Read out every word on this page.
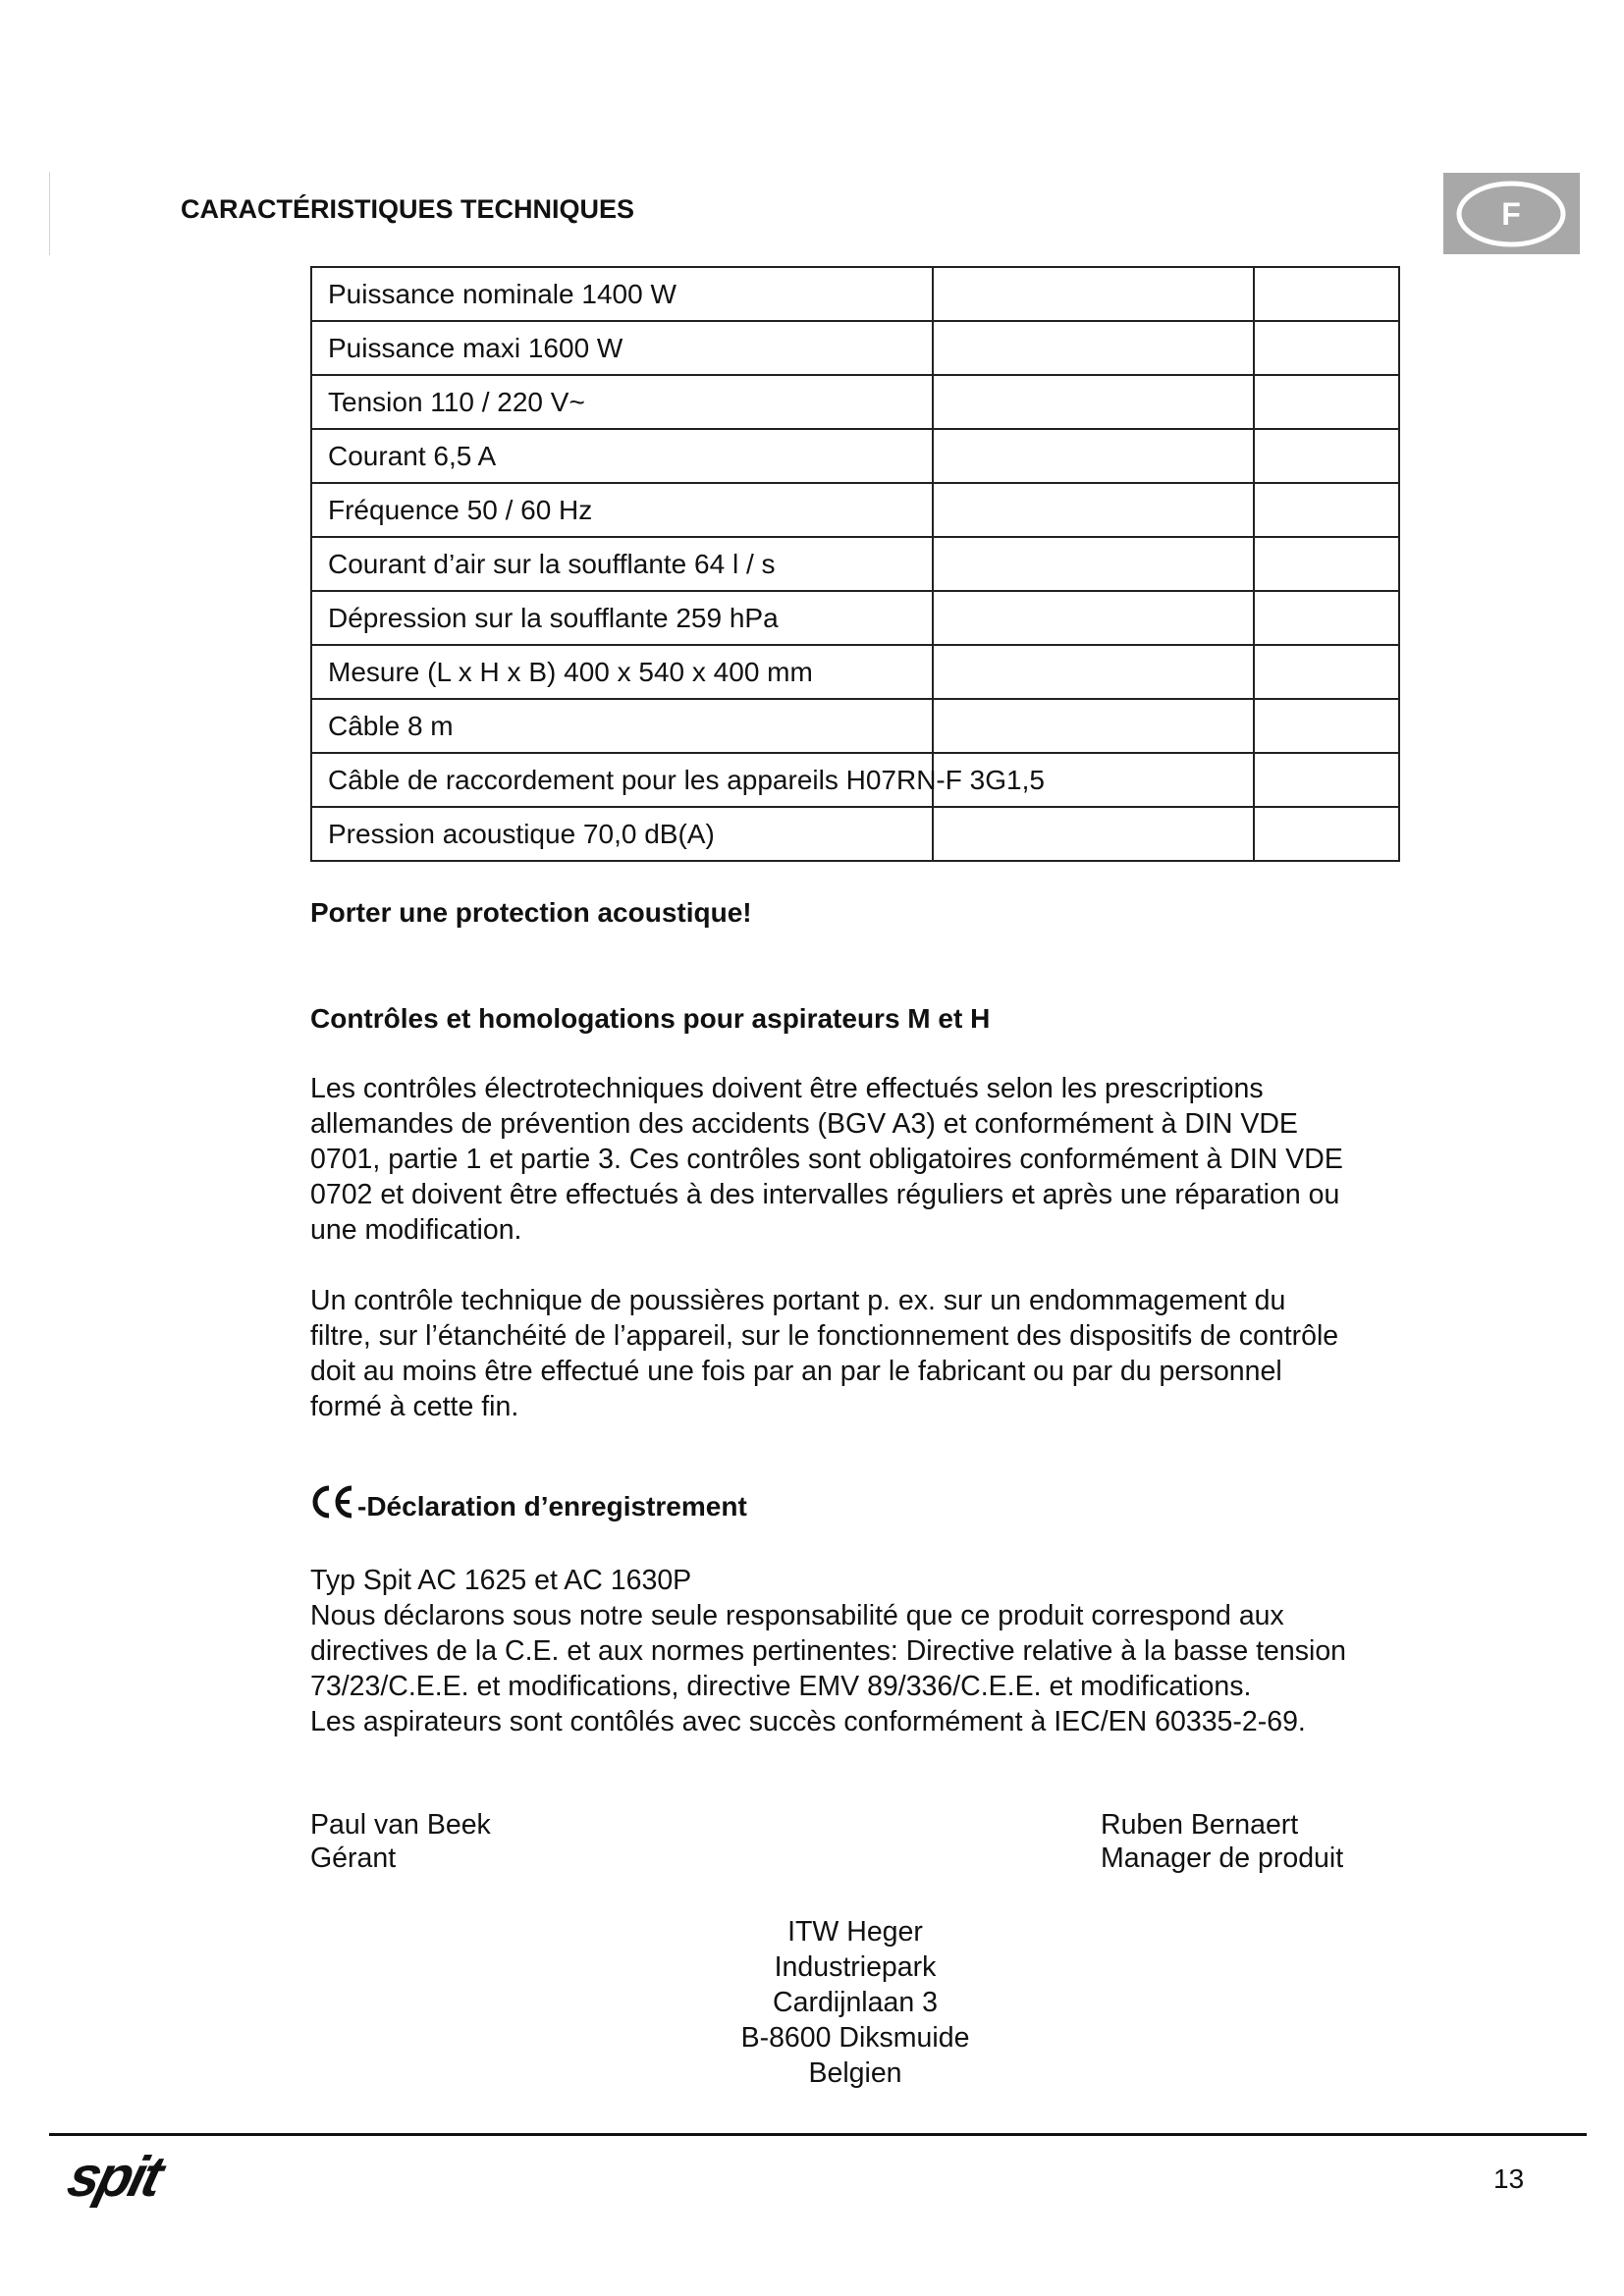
CARACTÉRISTIQUES TECHNIQUES	F
Puissance nominale 1400 W		
Puissance maxi 1600 W		
Tension 110 / 220 V~		
Courant 6,5 A		
Fréquence 50 / 60 Hz		
Courant d’air sur la soufflante 64 l / s		
Dépression sur la soufflante 259 hPa		
Mesure (L x H x B) 400 x 540 x 400 mm		
Câble 8 m		
Câble de raccordement pour les appareils H07RN-F 3G1,5		
Pression acoustique 70,0 dB(A)		

Porter une protection acoustique!

Contrôles et homologations pour aspirateurs M et H

Les contrôles électrotechniques doivent être effectués selon les prescriptions
allemandes de prévention des accidents (BGV A3) et conformément à DIN VDE
0701, partie 1 et partie 3. Ces contrôles sont obligatoires conformément à DIN VDE
0702 et doivent être effectués à des intervalles réguliers et après une réparation ou
une modification.

Un contrôle technique de poussières portant p. ex. sur un endommagement du
filtre, sur l’étanchéité de l’appareil, sur le fonctionnement des dispositifs de contrôle
doit au moins être effectué une fois par an par le fabricant ou par du personnel
formé à cette fin.

-Déclaration d’enregistrement

Typ Spit AC 1625 et AC 1630P
Nous déclarons sous notre seule responsabilité que ce produit correspond aux
directives de la C.E. et aux normes pertinentes: Directive relative à la basse tension
73/23/C.E.E. et modifications, directive EMV 89/336/C.E.E. et modifications.
Les aspirateurs sont contôlés avec succès conformément à IEC/EN 60335-2-69.

Paul van Beek
Gérant
Ruben Bernaert
Manager de produit
ITW Heger
Industriepark
Cardijnlaan 3
B-8600 Diksmuide
Belgien
spit	13
